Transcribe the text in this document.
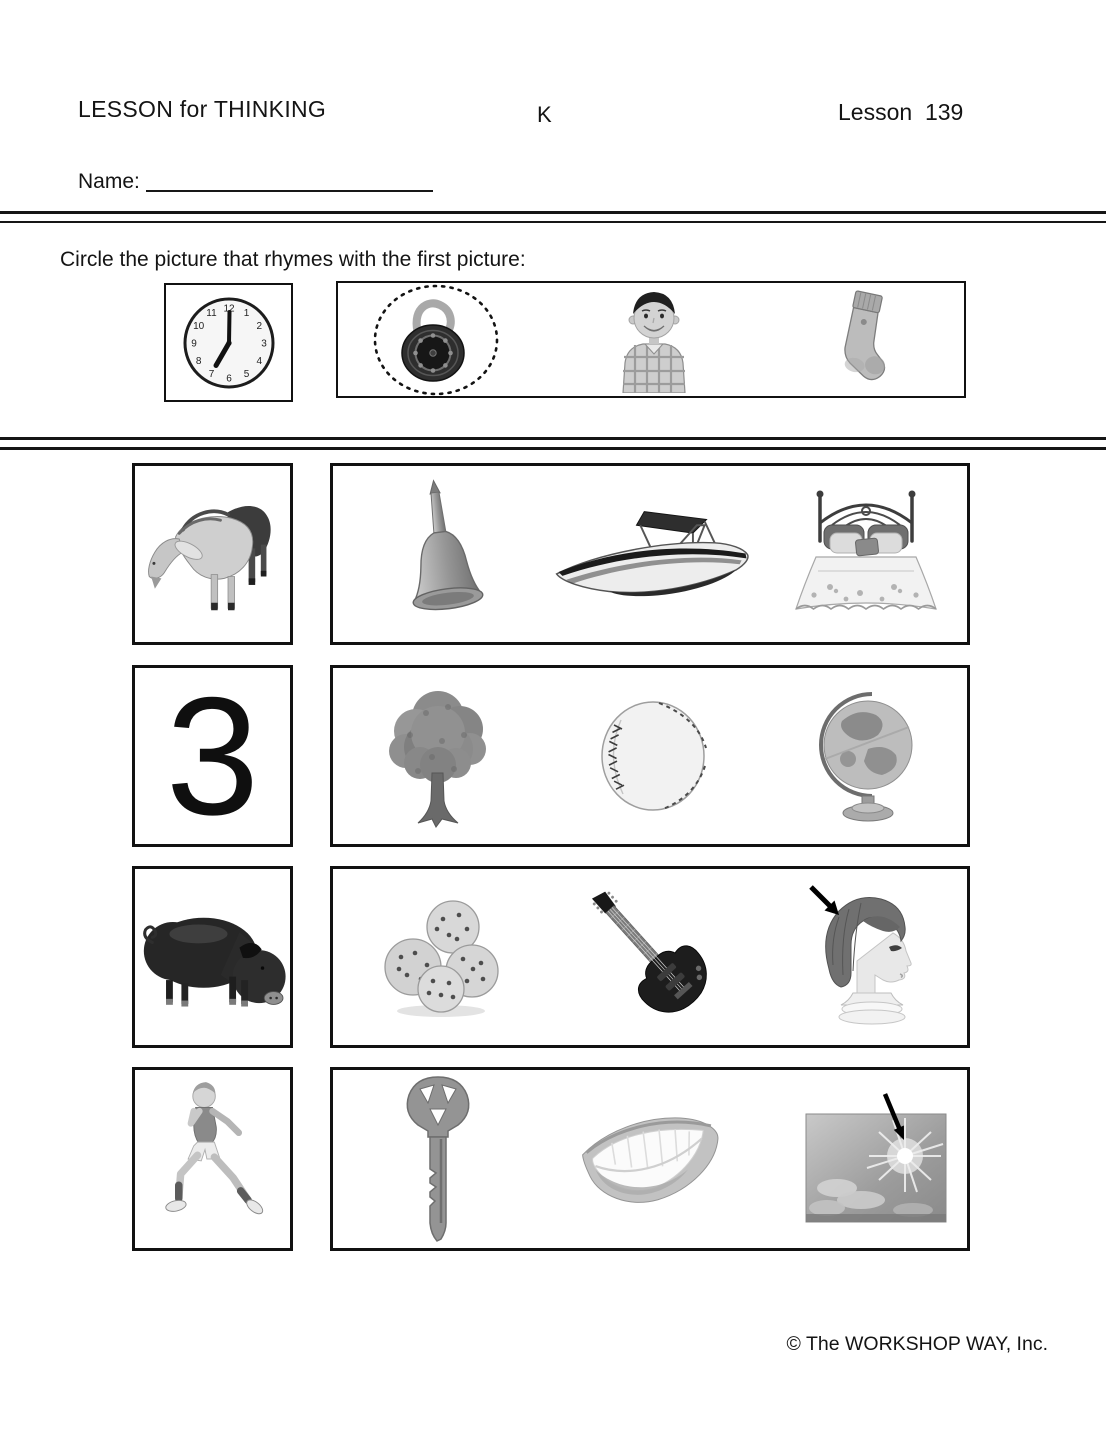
LESSON for THINKING	K	Lesson  139
Name:
Circle the picture that rhymes with the first picture:
12 1
2
3
4
5
6
7
8
9
10
11
3
© The WORKSHOP WAY, Inc.
